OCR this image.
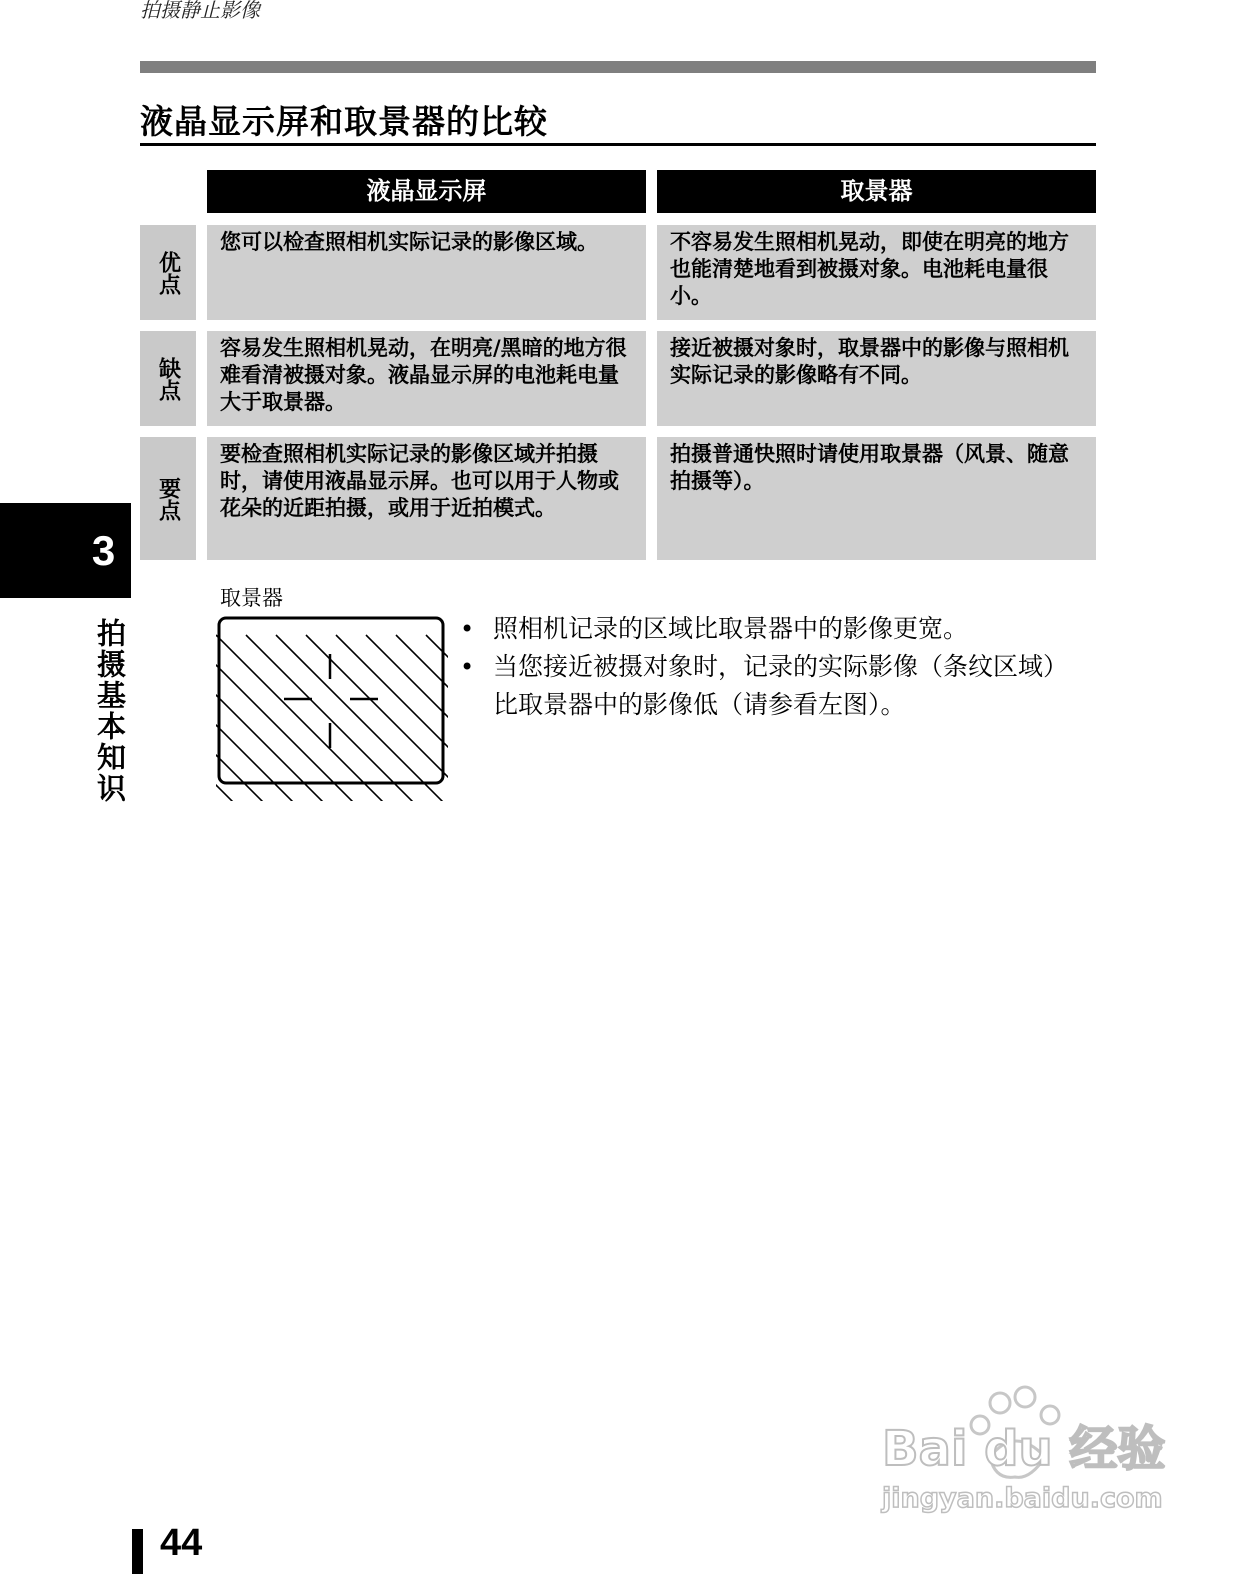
拍摄静止影像
液晶显示屏和取景器的比较
液晶显示屏	取景器
优点
您可以检查照相机实际记录的影像区域。	不容易发生照相机晃动，即使在明亮的地方也能清楚地看到被摄对象。电池耗电量很小。
缺点
容易发生照相机晃动，在明亮/黑暗的地方很难看清被摄对象。液晶显示屏的电池耗电量大于取景器。
接近被摄对象时，取景器中的影像与照相机实际记录的影像略有不同。
要点
要检查照相机实际记录的影像区域并拍摄时，请使用液晶显示屏。也可以用于人物或花朵的近距拍摄，或用于近拍模式。
拍摄普通快照时请使用取景器（风景、随意拍摄等）。
3
拍摄基本知识
取景器
• 照相机记录的区域比取景器中的影像更宽。
• 当您接近被摄对象时，记录的实际影像（条纹区域）比取景器中的影像低（请参看左图）。
Bai du 经验
jingyan.baidu.com
44
